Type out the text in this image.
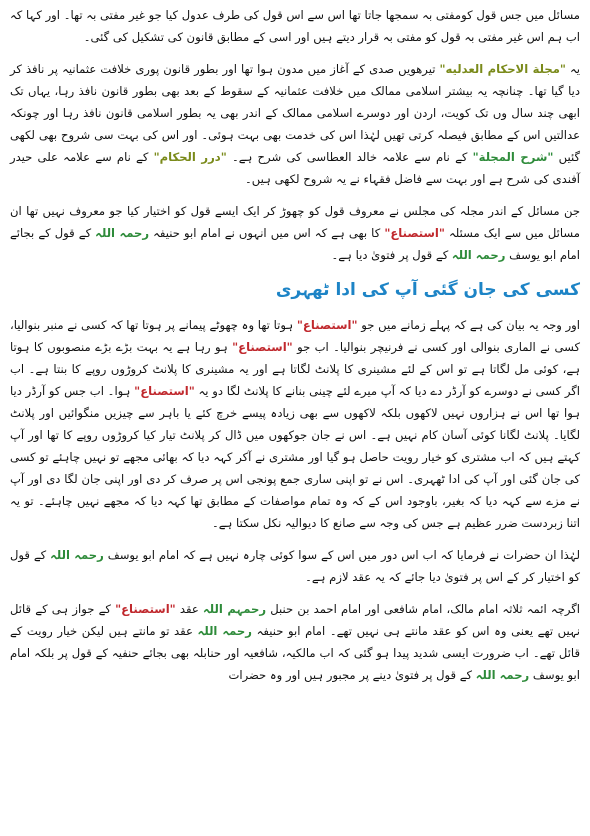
مسائل میں جس قول کومفتی بہ سمجھا جاتا تھا اس سے اس قول کی طرف عدول کیا جو غیر مفتی بہ تھا۔ اور کہا کہ اب ہم اس غیر مفتی بہ قول کو مفتی بہ قرار دیتے ہیں اور اسی کے مطابق قانون کی تشکیل کی گئی۔

یہ "مجلة الاحكام العدليه" تیرھویں صدی کے آغاز میں مدون ہوا تھا اور بطور قانون پوری خلافت عثمانیہ پر نافذ کر دیا گیا تھا۔ چنانچہ یہ بیشتر اسلامی ممالک میں خلافت عثمانیہ کے سقوط کے بعد بھی بطور قانون نافذ رہا، یہاں تک ابھی چند سال وں تک کویت، اردن اور دوسرے اسلامی ممالک کے اندر بھی یہ بطور اسلامی قانون نافذ رہا اور چونکہ عدالتیں اس کے مطابق فیصلہ کرتی تھیں لہٰذا اس کی خدمت بھی بہت ہوئی۔ اور اس کی بہت سی شروح بھی لکھی گئیں "شرح المجلة" کے نام سے علامہ خالد العطاسی کی شرح ہے۔ "درر الحكام" کے نام سے علامہ علی حیدر آفندی کی شرح ہے اور بہت سے فاضل فقہاء نے یہ شروح لکھی ہیں۔

جن مسائل کے اندر مجلہ کی مجلس نے معروف قول کو چھوڑ کر ایک ایسے قول کو اختیار کیا جو معروف نہیں تھا ان مسائل میں سے ایک مسئلہ "استصناع" کا بھی ہے کہ اس میں انہوں نے امام ابو حنیفہ رحمہ اللہ کے قول کے بجائے امام ابو یوسف رحمہ اللہ کے قول پر فتویٰ دیا ہے۔

کسی کی جان گئی آپ کی ادا ٹھہری

اور وجہ یہ بیان کی ہے کہ پہلے زمانے میں جو "استصناع" ہوتا تھا وہ چھوٹے پیمانے پر ہوتا تھا کہ کسی نے منبر بنوالیا، کسی نے الماری بنوالی اور کسی نے فرنیچر بنوالیا۔ اب جو "استصناع" ہو رہا ہے یہ بہت بڑے بڑے منصوبوں کا ہوتا ہے، کوئی مل لگاتا ہے تو اس کے لئے مشینری کا پلانٹ لگاتا ہے اور یہ مشینری کا پلانٹ کروڑوں روپے کا بنتا ہے۔ اب اگر کسی نے دوسرے کو آرڈر دے دیا کہ آپ میرے لئے چینی بنانے کا پلانٹ لگا دو یہ "استصناع" ہوا۔ اب جس کو آرڈر دیا ہوا تھا اس نے ہزاروں نہیں لاکھوں بلکہ لاکھوں سے بھی زیادہ پیسے خرچ کئے یا باہر سے چیزیں منگوائیں اور پلانٹ لگایا۔ پلانٹ لگانا کوئی آسان کام نہیں ہے۔ اس نے جان جوکھوں میں ڈال کر پلانٹ تیار کیا کروڑوں روپے کا تھا اور آپ کہتے ہیں کہ اب مشتری کو خیار رویت حاصل ہو گیا اور مشتری نے آکر کہہ دیا کہ بھائی مجھے تو نہیں چاہئے تو کسی کی جان گئی اور آپ کی ادا ٹھہری۔ اس نے تو اپنی ساری جمع پونجی اس پر صرف کر دی اور اپنی جان لگا دی اور آپ نے مزے سے کہہ دیا کہ بغیر، باوجود اس کے کہ وہ تمام مواصفات کے مطابق تھا کہہ دیا کہ مجھے نہیں چاہئے۔ تو یہ اتنا زبردست ضرر عظیم ہے جس کی وجہ سے صانع کا دیوالیہ نکل سکتا ہے۔

لہٰذا ان حضرات نے فرمایا کہ اب اس دور میں اس کے سوا کوئی چارہ نہیں ہے کہ امام ابو یوسف رحمہ اللہ کے قول کو اختیار کر کے اس پر فتویٰ دیا جائے کہ یہ عقد لازم ہے۔

اگرچہ ائمہ ثلاثہ امام مالک، امام شافعی اور امام احمد بن حنبل رحمہم اللہ عقد "استصناع" کے جواز ہی کے قائل نہیں تھے یعنی وہ اس کو عقد مانتے ہی نہیں تھے۔ امام ابو حنیفہ رحمہ اللہ عقد تو مانتے ہیں لیکن خیار رویت کے قائل تھے۔ اب ضرورت ایسی شدید پیدا ہو گئی کہ اب مالکیہ، شافعیہ اور حنابلہ بھی بجائے حنفیہ کے قول پر بلکہ امام ابو یوسف رحمہ اللہ کے قول پر فتویٰ دینے پر مجبور ہیں اور وہ حضرات
